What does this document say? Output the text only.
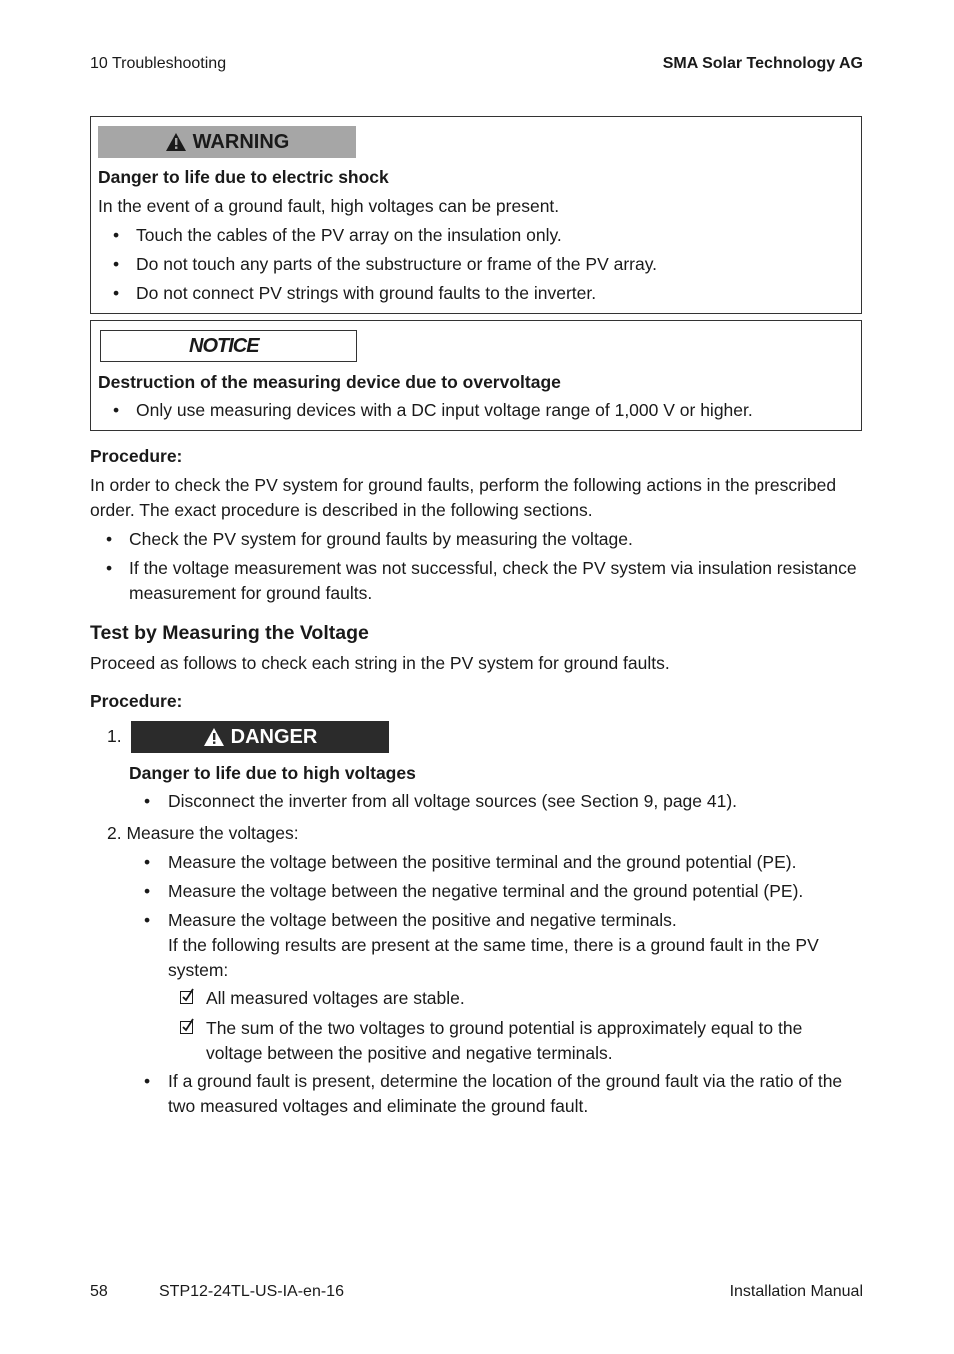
10 Troubleshooting	SMA Solar Technology AG
WARNING
Danger to life due to electric shock
In the event of a ground fault, high voltages can be present.
• Touch the cables of the PV array on the insulation only.
• Do not touch any parts of the substructure or frame of the PV array.
• Do not connect PV strings with ground faults to the inverter.
NOTICE
Destruction of the measuring device due to overvoltage
• Only use measuring devices with a DC input voltage range of 1,000 V or higher.
Procedure:
In order to check the PV system for ground faults, perform the following actions in the prescribed
order. The exact procedure is described in the following sections.
• Check the PV system for ground faults by measuring the voltage.
• If the voltage measurement was not successful, check the PV system via insulation resistance
measurement for ground faults.
Test by Measuring the Voltage
Proceed as follows to check each string in the PV system for ground faults.
Procedure:
1.	DANGER
Danger to life due to high voltages
• Disconnect the inverter from all voltage sources (see Section 9, page 41).
2. Measure the voltages:
• Measure the voltage between the positive terminal and the ground potential (PE).
• Measure the voltage between the negative terminal and the ground potential (PE).
• Measure the voltage between the positive and negative terminals.
If the following results are present at the same time, there is a ground fault in the PV
system:
All measured voltages are stable.
The sum of the two voltages to ground potential is approximately equal to the
voltage between the positive and negative terminals.
• If a ground fault is present, determine the location of the ground fault via the ratio of the
two measured voltages and eliminate the ground fault.
58	STP12-24TL-US-IA-en-16	Installation Manual
